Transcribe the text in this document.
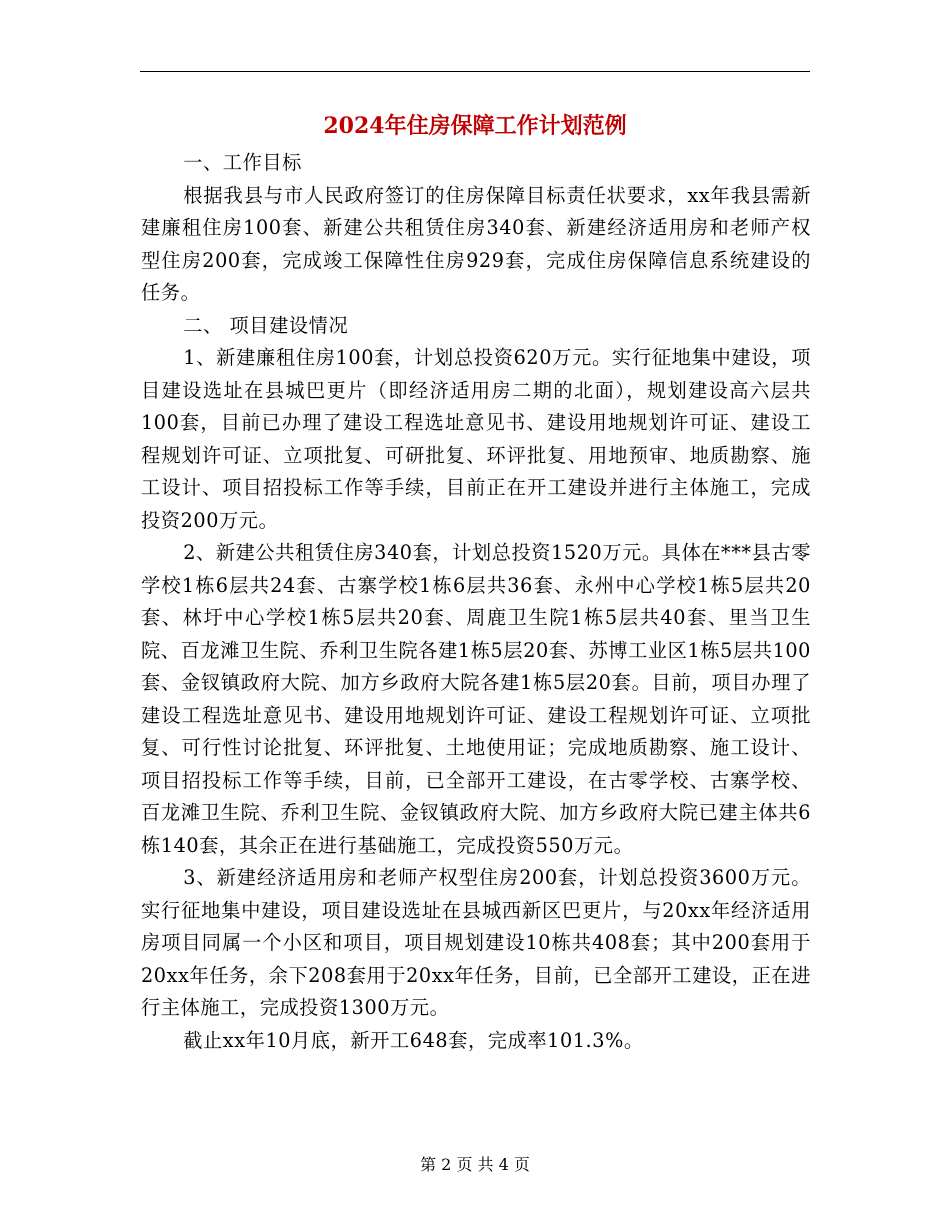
2024年住房保障工作计划范例

一、工作目标

根据我县与市人民政府签订的住房保障目标责任状要求，xx年我县需新建廉租住房100套、新建公共租赁住房340套、新建经济适用房和老师产权型住房200套，完成竣工保障性住房929套，完成住房保障信息系统建设的任务。

二、 项目建设情况

1、新建廉租住房100套，计划总投资620万元。实行征地集中建设，项目建设选址在县城巴更片（即经济适用房二期的北面），规划建设高六层共100套，目前已办理了建设工程选址意见书、建设用地规划许可证、建设工程规划许可证、立项批复、可研批复、环评批复、用地预审、地质勘察、施工设计、项目招投标工作等手续，目前正在开工建设并进行主体施工，完成投资200万元。

2、新建公共租赁住房340套，计划总投资1520万元。具体在***县古零学校1栋6层共24套、古寨学校1栋6层共36套、永州中心学校1栋5层共20套、林圩中心学校1栋5层共20套、周鹿卫生院1栋5层共40套、里当卫生院、百龙滩卫生院、乔利卫生院各建1栋5层20套、苏博工业区1栋5层共100套、金钗镇政府大院、加方乡政府大院各建1栋5层20套。目前，项目办理了建设工程选址意见书、建设用地规划许可证、建设工程规划许可证、立项批复、可行性讨论批复、环评批复、土地使用证；完成地质勘察、施工设计、项目招投标工作等手续，目前，已全部开工建设，在古零学校、古寨学校、百龙滩卫生院、乔利卫生院、金钗镇政府大院、加方乡政府大院已建主体共6栋140套，其余正在进行基础施工，完成投资550万元。

3、新建经济适用房和老师产权型住房200套，计划总投资3600万元。实行征地集中建设，项目建设选址在县城西新区巴更片，与20xx年经济适用房项目同属一个小区和项目，项目规划建设10栋共408套；其中200套用于20xx年任务，余下208套用于20xx年任务，目前，已全部开工建设，正在进行主体施工，完成投资1300万元。

截止xx年10月底，新开工648套，完成率101.3%。

第 2 页 共 4 页
